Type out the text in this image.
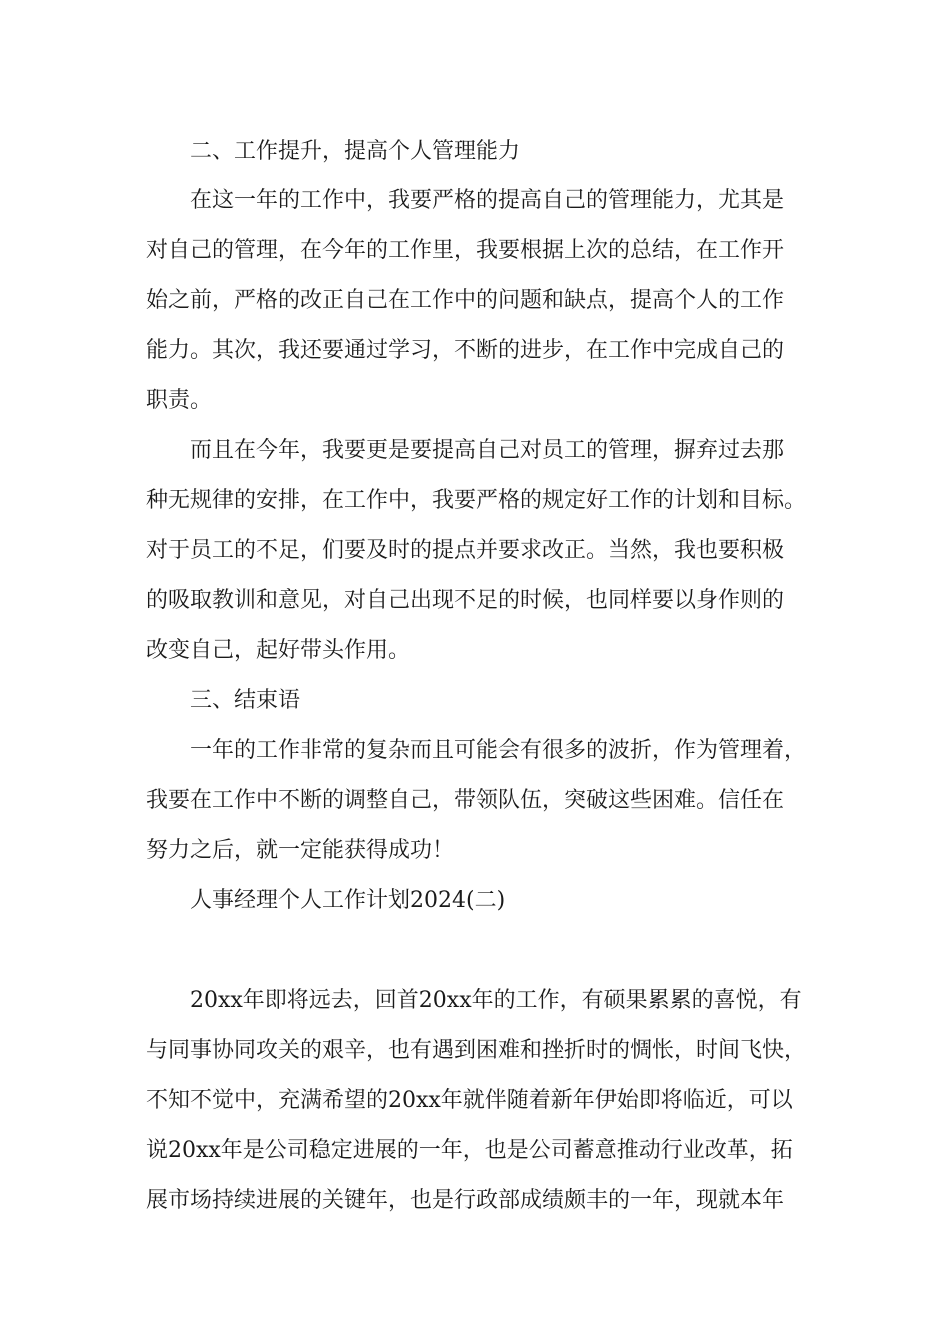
二、工作提升，提高个人管理能力
在这一年的工作中，我要严格的提高自己的管理能力，尤其是
对自己的管理，在今年的工作里，我要根据上次的总结，在工作开
始之前，严格的改正自己在工作中的问题和缺点，提高个人的工作
能力。其次，我还要通过学习，不断的进步，在工作中完成自己的
职责。
而且在今年，我要更是要提高自己对员工的管理，摒弃过去那
种无规律的安排，在工作中，我要严格的规定好工作的计划和目标。
对于员工的不足，们要及时的提点并要求改正。当然，我也要积极
的吸取教训和意见，对自己出现不足的时候，也同样要以身作则的
改变自己，起好带头作用。
三、结束语
一年的工作非常的复杂而且可能会有很多的波折，作为管理着，
我要在工作中不断的调整自己，带领队伍，突破这些困难。信任在
努力之后，就一定能获得成功！
人事经理个人工作计划2024(二)
20xx年即将远去，回首20xx年的工作，有硕果累累的喜悦，有
与同事协同攻关的艰辛，也有遇到困难和挫折时的惆怅，时间飞快，
不知不觉中，充满希望的20xx年就伴随着新年伊始即将临近，可以
说20xx年是公司稳定进展的一年，也是公司蓄意推动行业改革，拓
展市场持续进展的关键年，也是行政部成绩颇丰的一年，现就本年
